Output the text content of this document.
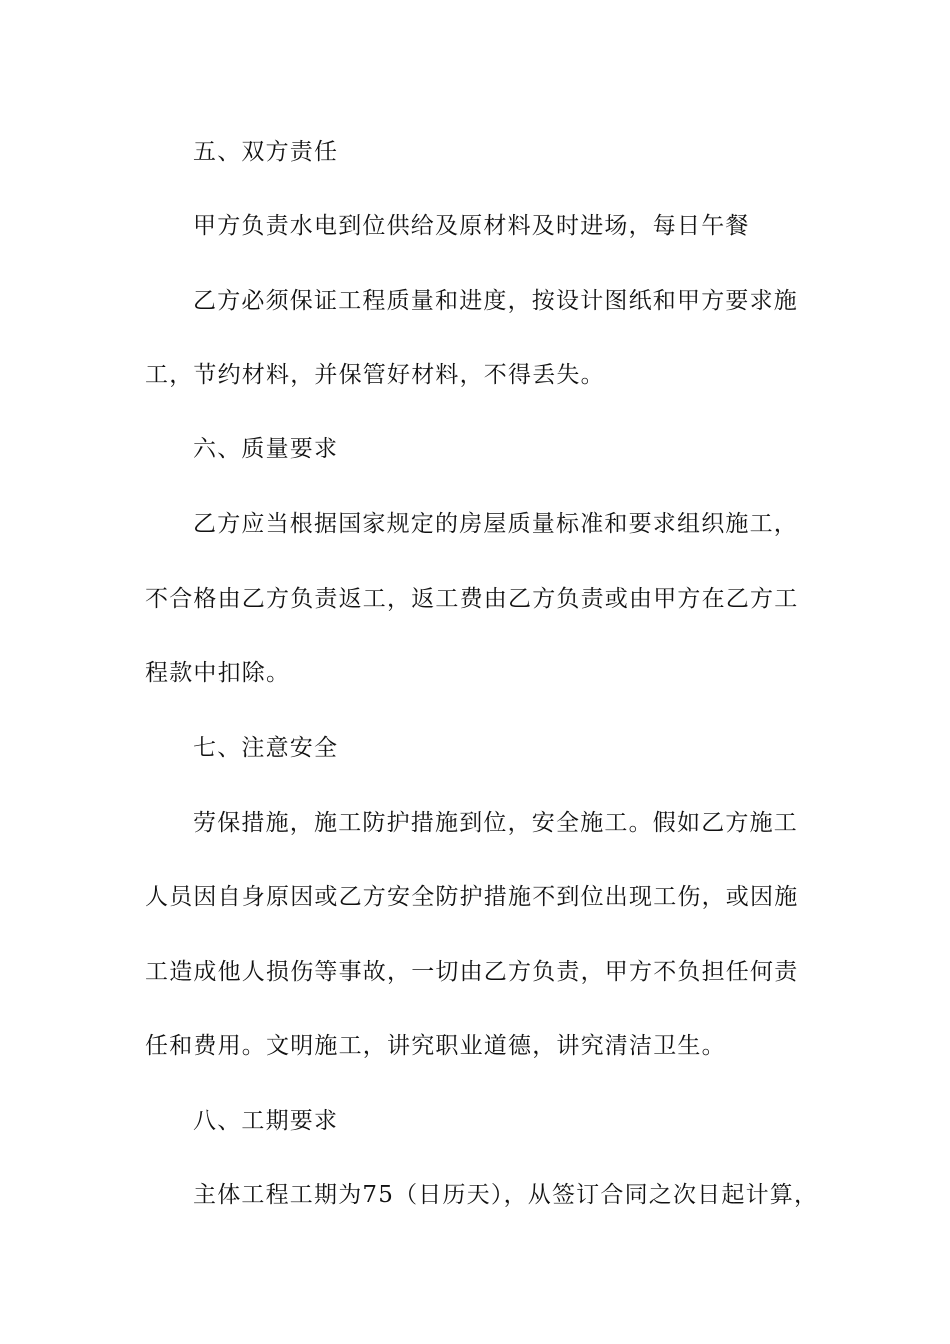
五、双方责任
甲方负责水电到位供给及原材料及时进场，每日午餐
乙方必须保证工程质量和进度，按设计图纸和甲方要求施
工，节约材料，并保管好材料，不得丢失。
六、质量要求
乙方应当根据国家规定的房屋质量标准和要求组织施工，
不合格由乙方负责返工，返工费由乙方负责或由甲方在乙方工
程款中扣除。
七、注意安全
劳保措施，施工防护措施到位，安全施工。假如乙方施工
人员因自身原因或乙方安全防护措施不到位出现工伤，或因施
工造成他人损伤等事故，一切由乙方负责，甲方不负担任何责
任和费用。文明施工，讲究职业道德，讲究清洁卫生。
八、工期要求
主体工程工期为75（日历天），从签订合同之次日起计算，
